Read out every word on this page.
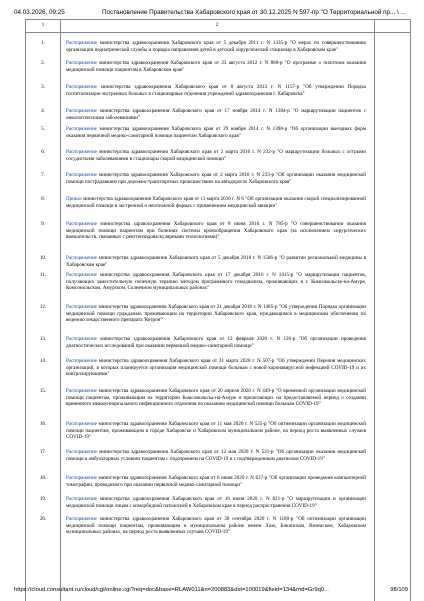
04.03.2026, 09:25	Постановление Правительства Хабаровского края от 30.12.2025 N 597-пр "О Территориальной пр... \ ...
1	2
1.	Распоряжение министерства здравоохранения Хабаровского края от 5 декабря 2011 г. N 1335-р "О мерах по совершенствованию организации педиатрической службы и порядка направления детей в детский хирургический стационар в Хабаровском крае"
2.	Распоряжение министерства здравоохранения Хабаровского края от 23 августа 2012 г. N 880-р "О программе о пилотном оказания медицинской помощи пациентам в Хабаровском крае"
3.	Распоряжение министерства здравоохранения Хабаровского края от 8 августа 2013 г. N 1157-р "Об утверждении Порядка госпитализации экстренных больных в стационарные отделения учреждений здравоохранения г. Хабаровска"
4.	Распоряжение министерства здравоохранения Хабаровского края от 17 ноября 2014 г. N 1384-р "О маршрутизации пациентов с онкологическими заболеваниями"
5.	Распоряжение министерства здравоохранения Хабаровского края от 29 ноября 2014 г. N 1398-р "Об организации выездных форм оказания первичной медико-санитарной помощи пациентам Хабаровского края"
6.	Распоряжение министерства здравоохранения Хабаровского края от 2 марта 2016 г. N 232-р "О маршрутизации больных с острыми сосудистыми заболеваниями в стационары скорой медицинской помощи"
7.	Распоряжение министерства здравоохранения Хабаровского края от 2 марта 2016 г. N 233-р "Об организации оказания медицинской помощи пострадавшим при дорожно-транспортных происшествиях на автодорогах Хабаровского края"
8.	Приказ министерства здравоохранения Хабаровского края от 11 марта 2016 г. N 6 "Об организации оказания скорой специализированной медицинской помощи в экстренной и неотложной формах с применением медицинской авиации"
9.	Распоряжение министерства здравоохранения Хабаровского края от 8 июня 2016 г. N 785-р "О совершенствовании оказания медицинской помощи пациентам при болезнях системы кровообращения Хабаровского края (за исключением хирургических вмешательств, связанных с рентгенэндоваскулярными технологиями)"
10.	Распоряжение министерства здравоохранения Хабаровского края от 5 декабря 2016 г. N 1566-р "О развитии региональной медицины в Хабаровском крае"
11.	Распоряжение министерства здравоохранения Хабаровского края от 17 декабря 2016 г. N 1415-р "О маршрутизации пациентов, получающих заместительную почечную терапию методом программного гемодиализа, проживающих в г. Комсомольске-на-Амуре, Комсомольском, Амурском, Солнечном муниципальных районах"
12.	Распоряжение министерства здравоохранения Хабаровского края от 21 декабря 2018 г. N 1485-р "Об утверждении Порядка организации медицинской помощи гражданам, проживающим на территории Хабаровского края, нуждающимся в медицинском обеспечении по ведению лекарственного препарата 'Кетрон'"
13.	Распоряжение министерства здравоохранения Хабаровского края от 12 февраля 2020 г. N 126-р "Об организации проведения диагностических исследований при оказании первичной медико-санитарной помощи"
14.	Распоряжение министерства здравоохранения Хабаровского края от 31 марта 2020 г. N 507-р "Об утверждении Перечня медицинских организаций, в которых планируется организация медицинской помощи больным с новой коронавирусной инфекцией COVID-19 и их контролирующими"
15.	Распоряжение министерства здравоохранения Хабаровского края от 20 апреля 2020 г. N 449-р "О временной организации медицинской помощи пациентам, проживающим на территории Комсомольска-на-Амуре и прилегающих на предоставляемой период о создании временного межмуниципального инфекционного отделения по оказанию медицинской помощи больным COVID-19"
16.	Распоряжение министерства здравоохранения Хабаровского края от 11 мая 2020 г. N 525-р "Об оптимизации организации медицинской помощи пациентам, проживающим в городе Хабаровске и Хабаровском муниципальном районе, на период роста выявленных случаев COVID-19"
17.	Распоряжение министерства здравоохранения Хабаровского края от 12 мая 2020 г. N 531-р "Об организации оказания медицинской помощи в амбулаторных условиях пациентам с подозрением на COVID-19 и с подтвержденным диагнозом COVID-19"
18.	Распоряжение министерства здравоохранения Хабаровского края от 6 июня 2020 г. N 637-р "Об организации проведения компьютерной томографии, проводимого при оказании первичной медико-санитарной помощи"
19.	Распоряжение министерства здравоохранения Хабаровского края от 16 июня 2020 г. N 821-р "О маршрутизации и организации медицинской помощи лицам с коморбидной патологией в Хабаровском крае в период распространения COVID-19"
20.	Распоряжение министерства здравоохранения Хабаровского края от 30 сентября 2020 г. N 1180-р "Об оптимизации организации медицинской помощи пациентам, проживающим в муниципальном районе имени Лазо, Бикинском, Вяземском, Хабаровском муниципальных районах, на период роста выявленных случаев COVID-19"
https://cloud.consultant.ru/cloud/cgi/online.cgi?req=doc&base=RLAW011&n=200883&dst=100019&field=134&rnd=Gr9q0...	98/109
